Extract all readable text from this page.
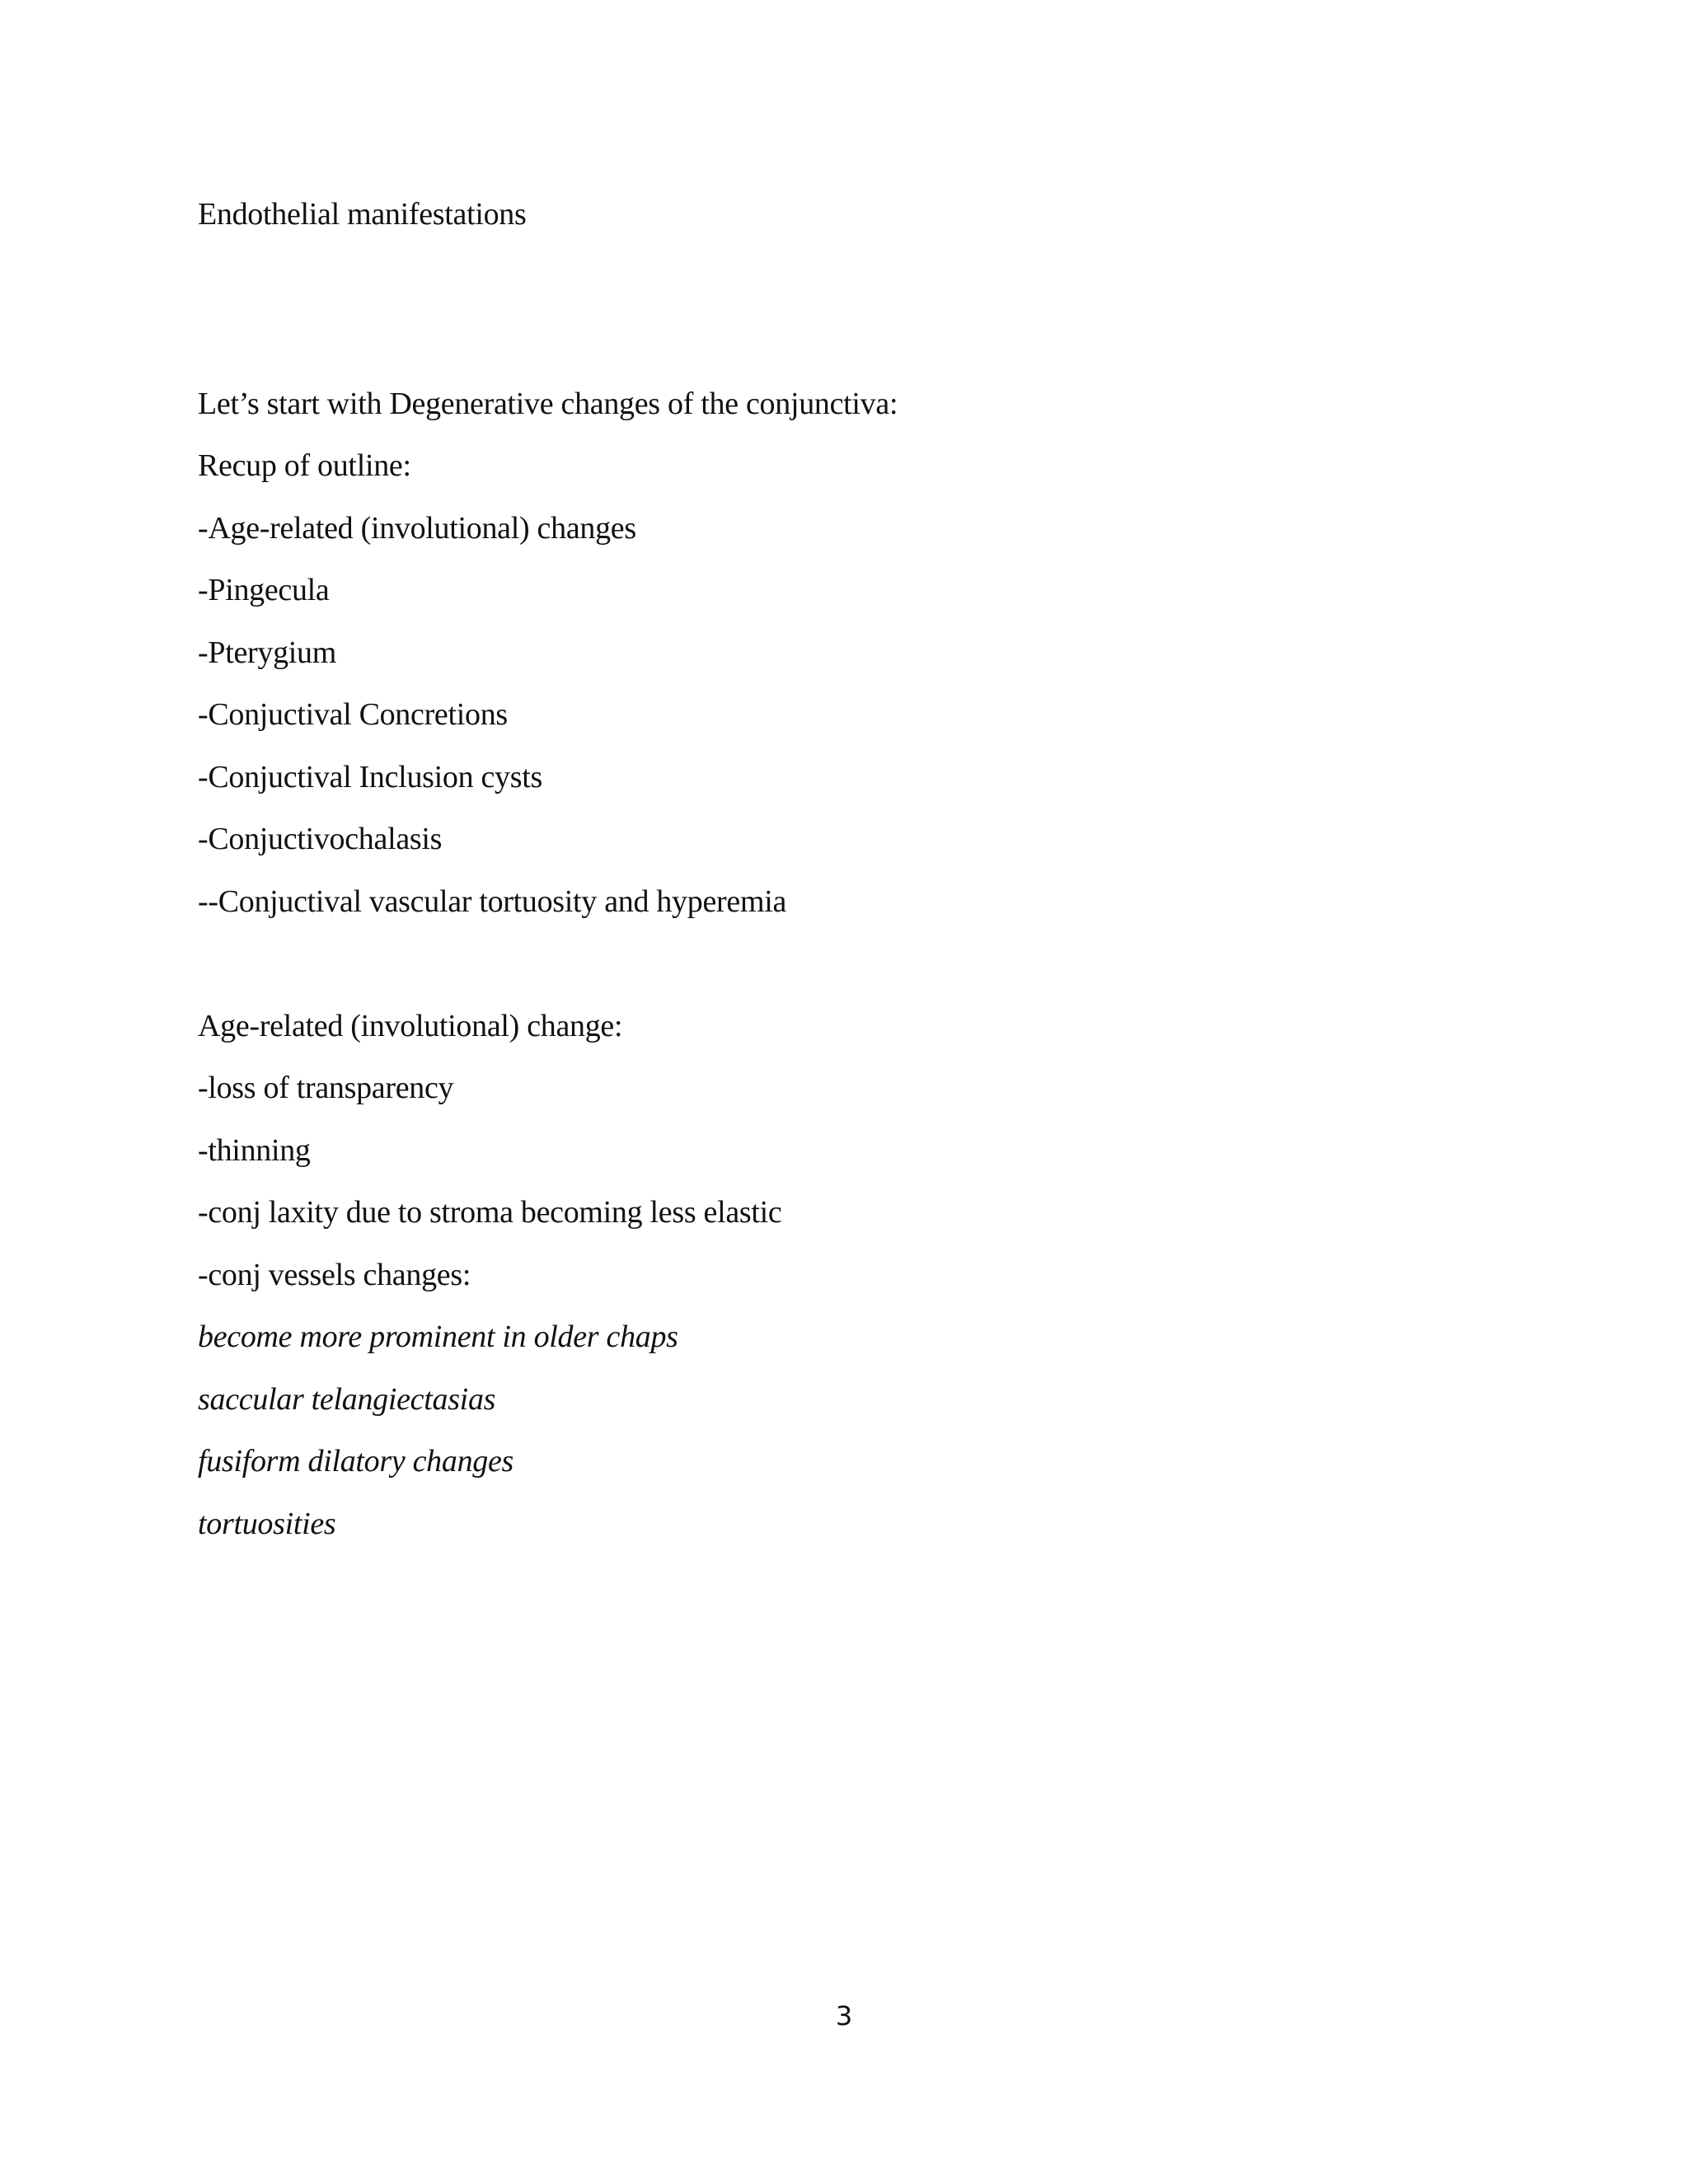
Endothelial manifestations
Let’s start with Degenerative changes of the conjunctiva:
Recup of outline:
-Age-related (involutional) changes
-Pingecula
-Pterygium
-Conjuctival Concretions
-Conjuctival Inclusion cysts
-Conjuctivochalasis
--Conjuctival vascular tortuosity and hyperemia
Age-related (involutional) change:
-loss of transparency
-thinning
-conj laxity due to stroma becoming less elastic
-conj vessels changes:
become more prominent in older chaps
saccular telangiectasias
fusiform dilatory changes
tortuosities
3
